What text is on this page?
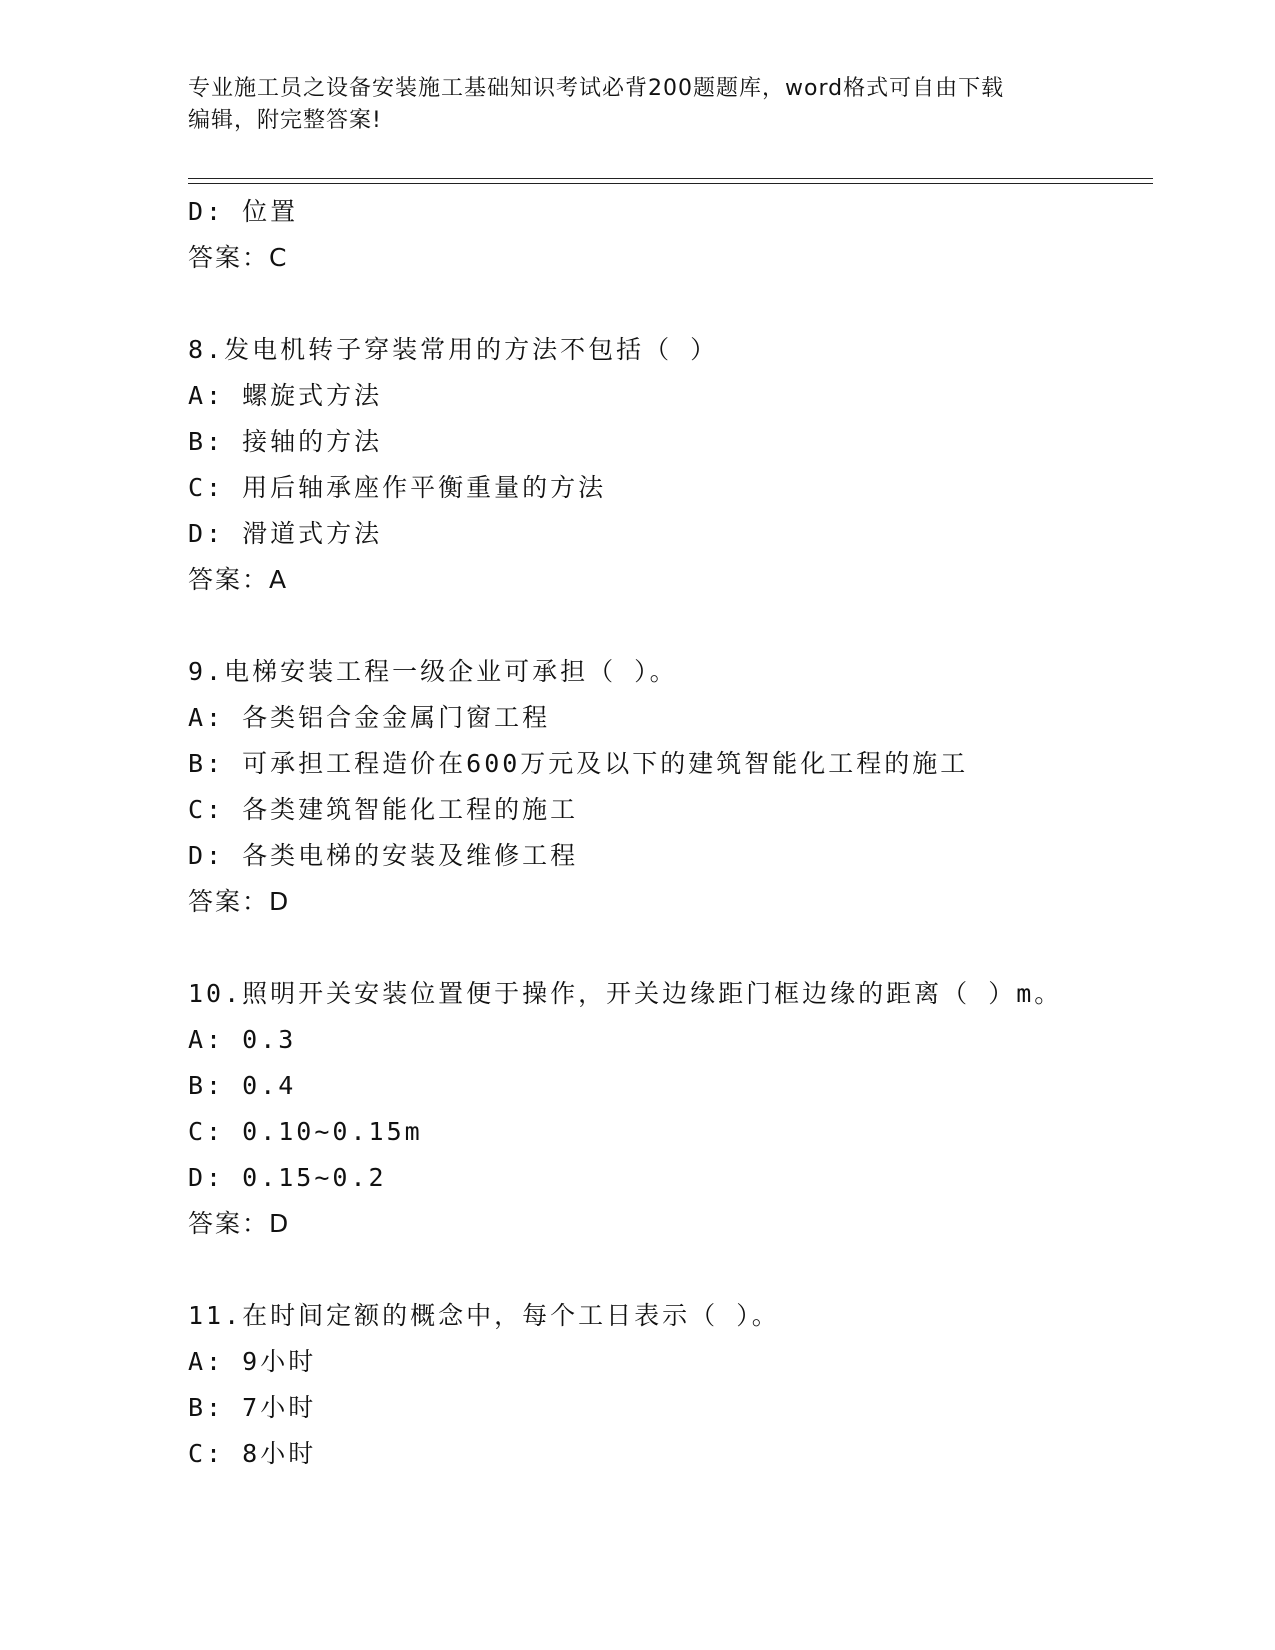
专业施工员之设备安装施工基础知识考试必背200题题库，word格式可自由下载
编辑，附完整答案!
D: 位置
答案：C
8.发电机转子穿装常用的方法不包括（ ）
A: 螺旋式方法
B: 接轴的方法
C: 用后轴承座作平衡重量的方法
D: 滑道式方法
答案：A
9.电梯安装工程一级企业可承担（ ）。
A: 各类铝合金金属门窗工程
B: 可承担工程造价在600万元及以下的建筑智能化工程的施工
C: 各类建筑智能化工程的施工
D: 各类电梯的安装及维修工程
答案：D
10.照明开关安装位置便于操作，开关边缘距门框边缘的距离（ ）m。
A: 0.3
B: 0.4
C: 0.10~0.15m
D: 0.15~0.2
答案：D
11.在时间定额的概念中，每个工日表示（ ）。
A: 9小时
B: 7小时
C: 8小时
